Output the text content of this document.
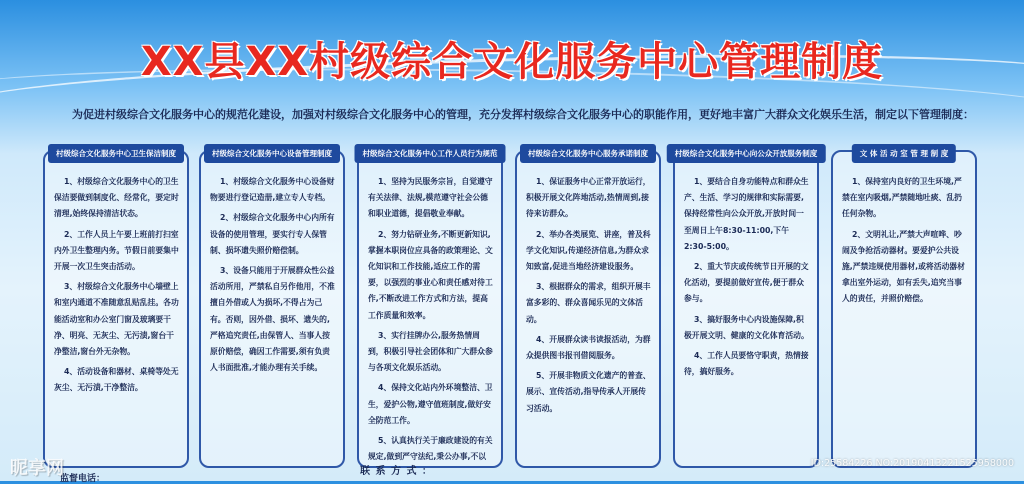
XX县XX村级综合文化服务中心管理制度
为促进村级综合文化服务中心的规范化建设，加强对村级综合文化服务中心的管理，充分发挥村级综合文化服务中心的职能作用，更好地丰富广大群众文化娱乐生活，制定以下管理制度：
村级综合文化服务中心卫生保洁制度

1、村级综合文化服务中心的卫生保洁要做到制度化、经常化，要定时清理,始终保持清洁状态。

2、工作人员上午要上班前打扫室内外卫生整理内务。节假日前要集中开展一次卫生突击活动。

3、村级综合文化服务中心墙壁上和室内通道不准随意乱贴乱挂。各功能活动室和办公室门窗及玻璃要干净、明亮、无灰尘、无污渍,窗台干净整洁,窗台外无杂物。

4、活动设备和器材、桌椅等处无灰尘、无污渍,干净整洁。

村级综合文化服务中心设备管理制度

1、村级综合文化服务中心设备财物要进行登记造册,建立专人专档。

2、村级综合文化服务中心内所有设备的使用管理，要实行专人保管制、损坏遗失照价赔偿制。

3、设备只能用于开展群众性公益活动所用，严禁私自另作他用，不准擅自外借或人为损坏,不得占为己有。否则，因外借、损坏、遗失的,严格追究责任,由保管人、当事人按原价赔偿，确因工作需要,须有负责人书面批准,才能办理有关手续。

村级综合文化服务中心工作人员行为规范

1、坚持为民服务宗旨，自觉遵守有关法律、法规,模范遵守社会公德和职业道德，提倡敬业奉献。

2、努力钻研业务,不断更新知识,掌握本职岗位应具备的政策理论、文化知识和工作技能,适应工作的需要，以强烈的事业心和责任感对待工作,不断改进工作方式和方法，提高工作质量和效率。

3、实行挂牌办公,服务热情周到，积极引导社会团体和广大群众参与各项文化娱乐活动。

4、保持文化站内外环境整洁、卫生，爱护公物,遵守值班制度,做好安全防范工作。

5、认真执行关于廉政建设的有关规定,做到严守法纪,秉公办事,不以

村级综合文化服务中心服务承诺制度

1、保证服务中心正常开放运行，积极开展文化阵地活动,热情周到,接待来访群众。

2、举办各类展览、讲座，普及科学文化知识,传递经济信息,为群众求知致富,促进当地经济建设服务。

3、根据群众的需求，组织开展丰富多彩的、群众喜闻乐见的文体活动。

4、开展群众读书读报活动，为群众提供图书报刊借阅服务。

5、开展非物质文化遗产的普查、展示、宣传活动,指导传承人开展传习活动。

村级综合文化服务中心向公众开放服务制度

1、要结合自身功能特点和群众生产、生活、学习的规律和实际需要,保持经常性向公众开放,开放时间一至周日上午8:30-11:00,下午2:30-5:00。

2、重大节庆或传统节日开展的文化活动，要提前做好宣传,便于群众参与。

3、搞好服务中心内设施保障,积极开展文明、健康的文化体育活动。

4、工作人员要恪守职责，热情接待，搞好服务。

文 体 活 动 室 管 理 制 度

1、保持室内良好的卫生环境,严禁在室内吸烟,严禁随地吐痰、乱扔任何杂物。

2、文明礼让,严禁大声喧哗、吵闹及争抢活动器材。要爱护公共设施,严禁违规使用器材,或将活动器材拿出室外运动，如有丢失,追究当事人的责任，并照价赔偿。

监督电话：
联 系 方 式 ：
昵享网	ID:25584226 NO:20190413221525958000
